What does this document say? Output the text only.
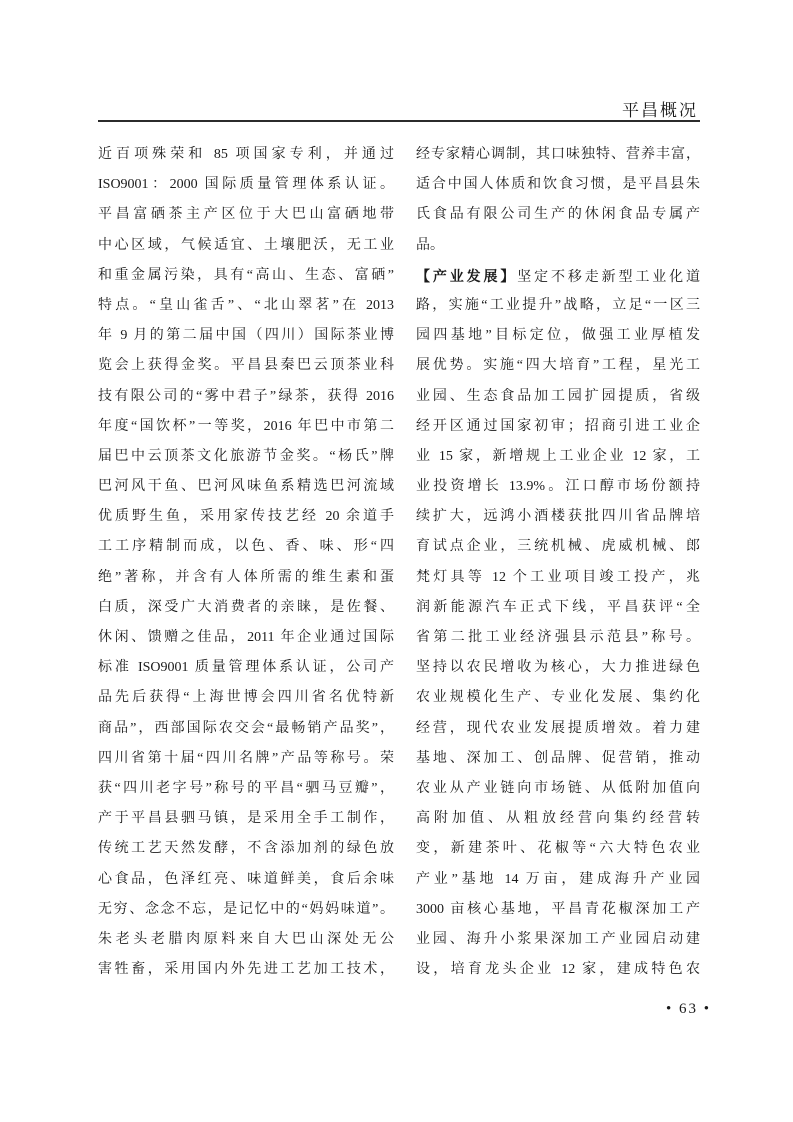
平昌概况

近百项殊荣和 85 项国家专利，并通过

ISO9001：2000 国际质量管理体系认证。

平昌富硒茶主产区位于大巴山富硒地带

中心区域，气候适宜、土壤肥沃，无工业

和重金属污染，具有“高山、生态、富硒”

特点。“皇山雀舌”、“北山翠茗”在 2013

年 9 月的第二届中国（四川）国际茶业博

览会上获得金奖。平昌县秦巴云顶茶业科

技有限公司的“雾中君子”绿茶，获得 2016

年度“国饮杯”一等奖，2016 年巴中市第二

届巴中云顶茶文化旅游节金奖。“杨氏”牌

巴河风干鱼、巴河风味鱼系精选巴河流域

优质野生鱼，采用家传技艺经 20 余道手

工工序精制而成，以色、香、味、形“四

绝”著称，并含有人体所需的维生素和蛋

白质，深受广大消费者的亲睐，是佐餐、

休闲、馈赠之佳品，2011 年企业通过国际

标准 ISO9001 质量管理体系认证，公司产

品先后获得“上海世博会四川省名优特新

商品”，西部国际农交会“最畅销产品奖”，

四川省第十届“四川名牌”产品等称号。荣

获“四川老字号”称号的平昌“驷马豆瓣”，

产于平昌县驷马镇，是采用全手工制作，

传统工艺天然发酵，不含添加剂的绿色放

心食品，色泽红亮、味道鲜美，食后余味

无穷、念念不忘，是记忆中的“妈妈味道”。

朱老头老腊肉原料来自大巴山深处无公

害牲畜，采用国内外先进工艺加工技术，

经专家精心调制，其口味独特、营养丰富，

适合中国人体质和饮食习惯，是平昌县朱

氏食品有限公司生产的休闲食品专属产

品。

【产业发展】坚定不移走新型工业化道

路，实施“工业提升”战略，立足“一区三

园四基地”目标定位，做强工业厚植发

展优势。实施“四大培育”工程，星光工

业园、生态食品加工园扩园提质，省级

经开区通过国家初审；招商引进工业企

业 15 家，新增规上工业企业 12 家，工

业投资增长 13.9%。江口醇市场份额持

续扩大，远鸿小酒楼获批四川省品牌培

育试点企业，三统机械、虎威机械、郎

梵灯具等 12 个工业项目竣工投产，兆

润新能源汽车正式下线，平昌获评“全

省第二批工业经济强县示范县”称号。

坚持以农民增收为核心，大力推进绿色

农业规模化生产、专业化发展、集约化

经营，现代农业发展提质增效。着力建

基地、深加工、创品牌、促营销，推动

农业从产业链向市场链、从低附加值向

高附加值、从粗放经营向集约经营转

变，新建茶叶、花椒等“六大特色农业

产业”基地 14 万亩，建成海升产业园

3000 亩核心基地，平昌青花椒深加工产

业园、海升小浆果深加工产业园启动建

设，培育龙头企业 12 家，建成特色农

• 63 •
